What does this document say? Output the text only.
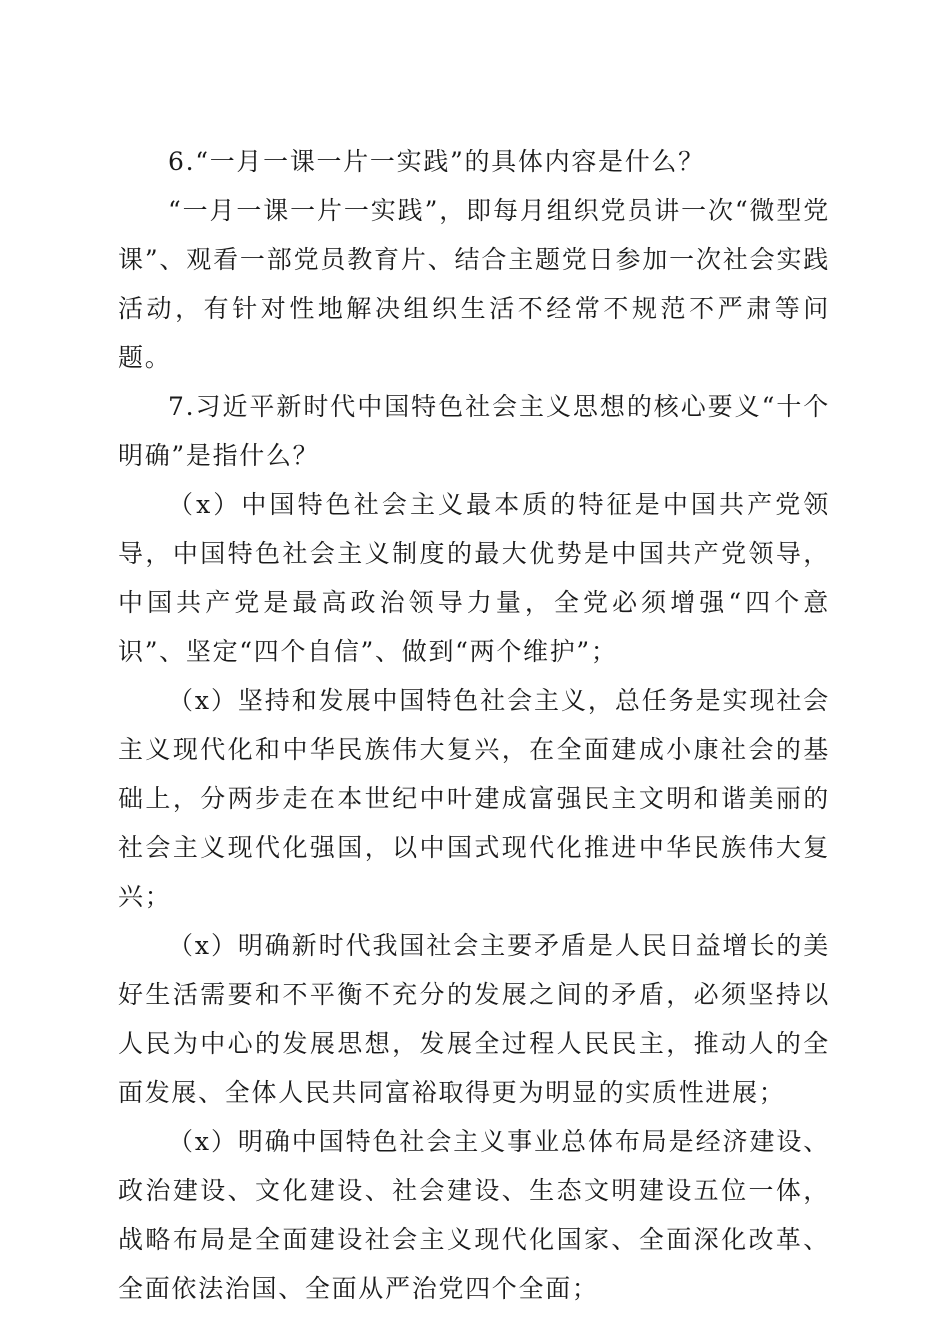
6.“一月一课一片一实践”的具体内容是什么？

“一月一课一片一实践”，即每月组织党员讲一次“微型党课”、观看一部党员教育片、结合主题党日参加一次社会实践活动，有针对性地解决组织生活不经常不规范不严肃等问题。

7.习近平新时代中国特色社会主义思想的核心要义“十个明确”是指什么？

（x）中国特色社会主义最本质的特征是中国共产党领导，中国特色社会主义制度的最大优势是中国共产党领导，中国共产党是最高政治领导力量，全党必须增强“四个意识”、坚定“四个自信”、做到“两个维护”；

（x）坚持和发展中国特色社会主义，总任务是实现社会主义现代化和中华民族伟大复兴，在全面建成小康社会的基础上，分两步走在本世纪中叶建成富强民主文明和谐美丽的社会主义现代化强国，以中国式现代化推进中华民族伟大复兴；

（x）明确新时代我国社会主要矛盾是人民日益增长的美好生活需要和不平衡不充分的发展之间的矛盾，必须坚持以人民为中心的发展思想，发展全过程人民民主，推动人的全面发展、全体人民共同富裕取得更为明显的实质性进展；

（x）明确中国特色社会主义事业总体布局是经济建设、政治建设、文化建设、社会建设、生态文明建设五位一体，战略布局是全面建设社会主义现代化国家、全面深化改革、全面依法治国、全面从严治党四个全面；
